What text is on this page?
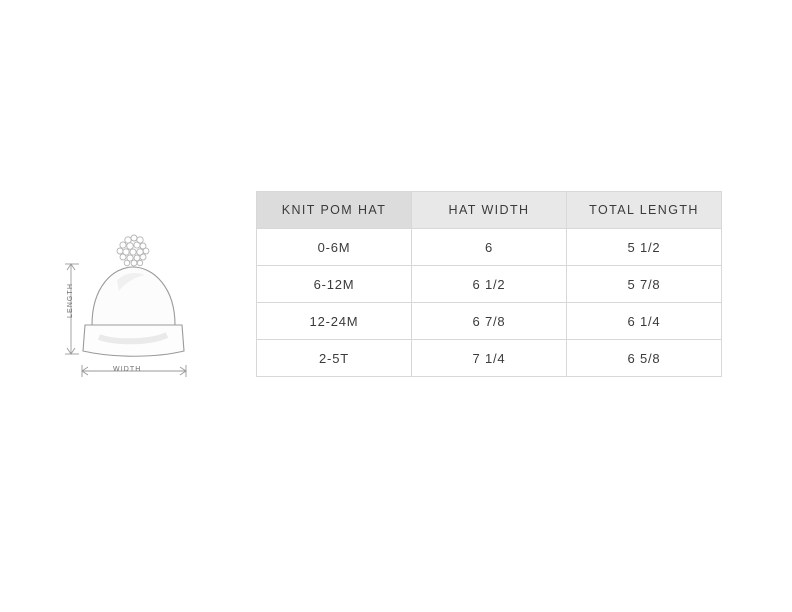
LENGTH
WIDTH
KNIT POM HAT	HAT WIDTH	TOTAL LENGTH
0-6M	6	5 1/2
6-12M	6 1/2	5 7/8
12-24M	6 7/8	6 1/4
2-5T	7 1/4	6 5/8
